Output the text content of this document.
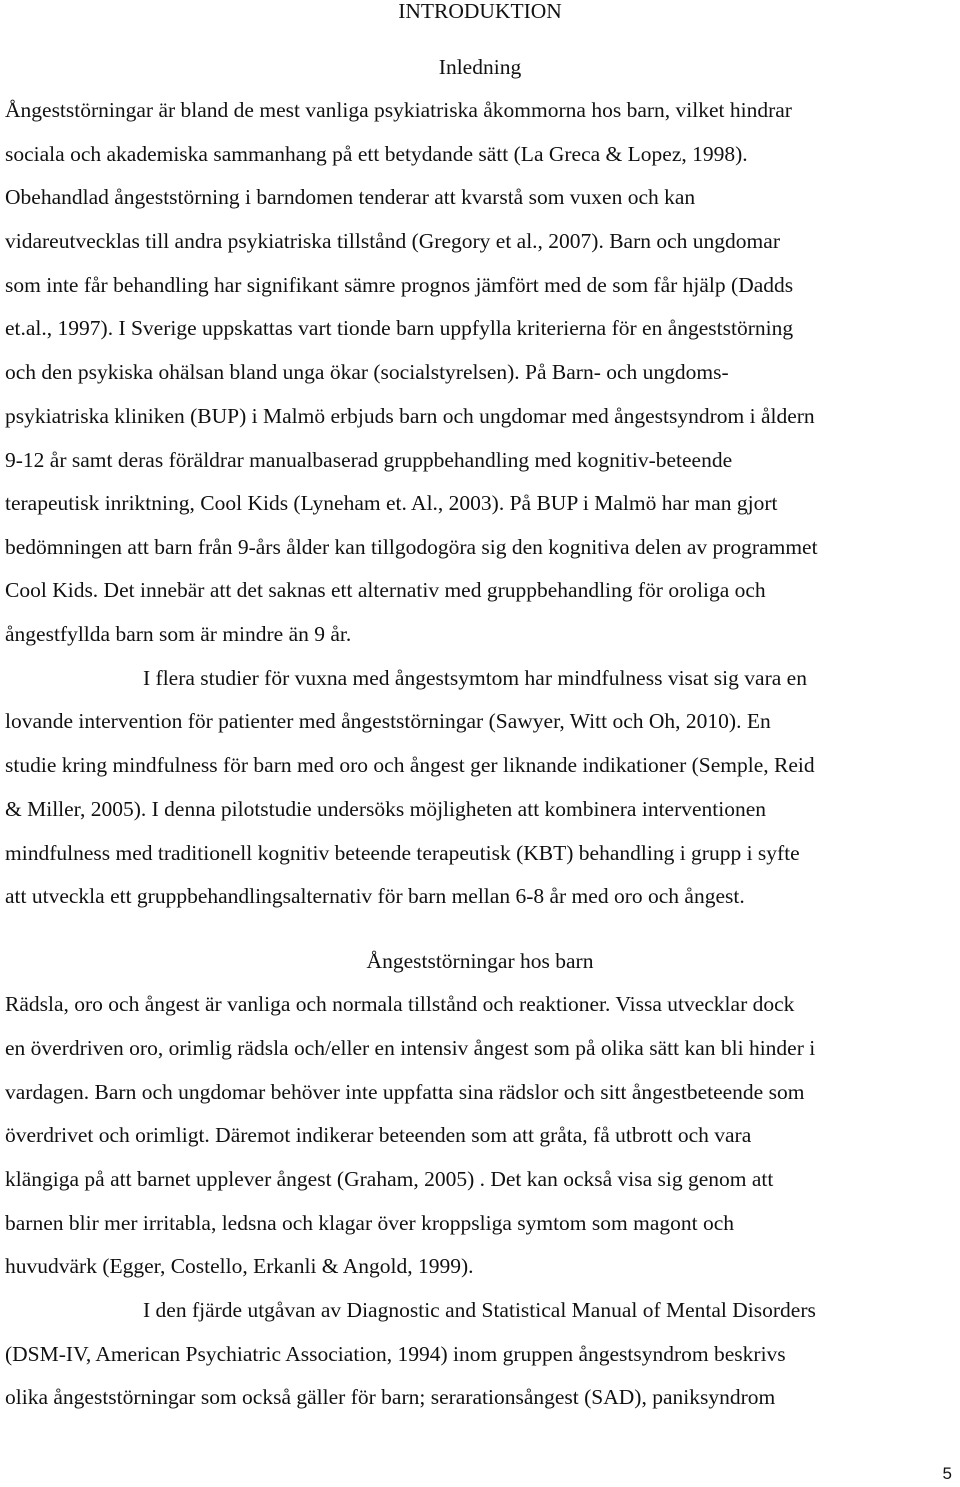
INTRODUKTION
Inledning
Ångeststörningar är bland de mest vanliga psykiatriska åkommorna hos barn, vilket hindrar
sociala och akademiska sammanhang på ett betydande sätt (La Greca & Lopez, 1998).
Obehandlad ångeststörning i barndomen tenderar att kvarstå som vuxen och kan
vidareutvecklas till andra psykiatriska tillstånd (Gregory et al., 2007). Barn och ungdomar
som inte får behandling har signifikant sämre prognos jämfört med de som får hjälp (Dadds
et.al., 1997). I Sverige uppskattas vart tionde barn uppfylla kriterierna för en ångeststörning
och den psykiska ohälsan bland unga ökar (socialstyrelsen). På Barn- och ungdoms-
psykiatriska kliniken (BUP) i Malmö erbjuds barn och ungdomar med ångestsyndrom i åldern
9-12 år samt deras föräldrar manualbaserad gruppbehandling med kognitiv-beteende
terapeutisk inriktning, Cool Kids (Lyneham et. Al., 2003). På BUP i Malmö har man gjort
bedömningen att barn från 9-års ålder kan tillgodogöra sig den kognitiva delen av programmet
Cool Kids. Det innebär att det saknas ett alternativ med gruppbehandling för oroliga och
ångestfyllda barn som är mindre än 9 år.
I flera studier för vuxna med ångestsymtom har mindfulness visat sig vara en
lovande intervention för patienter med ångeststörningar (Sawyer, Witt och Oh, 2010). En
studie kring mindfulness för barn med oro och ångest ger liknande indikationer (Semple, Reid
& Miller, 2005). I denna pilotstudie undersöks möjligheten att kombinera interventionen
mindfulness med traditionell kognitiv beteende terapeutisk (KBT) behandling i grupp i syfte
att utveckla ett gruppbehandlingsalternativ för barn mellan 6-8 år med oro och ångest.
Ångeststörningar hos barn
Rädsla, oro och ångest är vanliga och normala tillstånd och reaktioner. Vissa utvecklar dock
en överdriven oro, orimlig rädsla och/eller en intensiv ångest som på olika sätt kan bli hinder i
vardagen. Barn och ungdomar behöver inte uppfatta sina rädslor och sitt ångestbeteende som
överdrivet och orimligt. Däremot indikerar beteenden som att gråta, få utbrott och vara
klängiga på att barnet upplever ångest (Graham, 2005) . Det kan också visa sig genom att
barnen blir mer irritabla, ledsna och klagar över kroppsliga symtom som magont och
huvudvärk (Egger, Costello, Erkanli & Angold, 1999).
I den fjärde utgåvan av Diagnostic and Statistical Manual of Mental Disorders
(DSM-IV, American Psychiatric Association, 1994) inom gruppen ångestsyndrom beskrivs
olika ångeststörningar som också gäller för barn; serarationsångest (SAD), paniksyndrom
5
